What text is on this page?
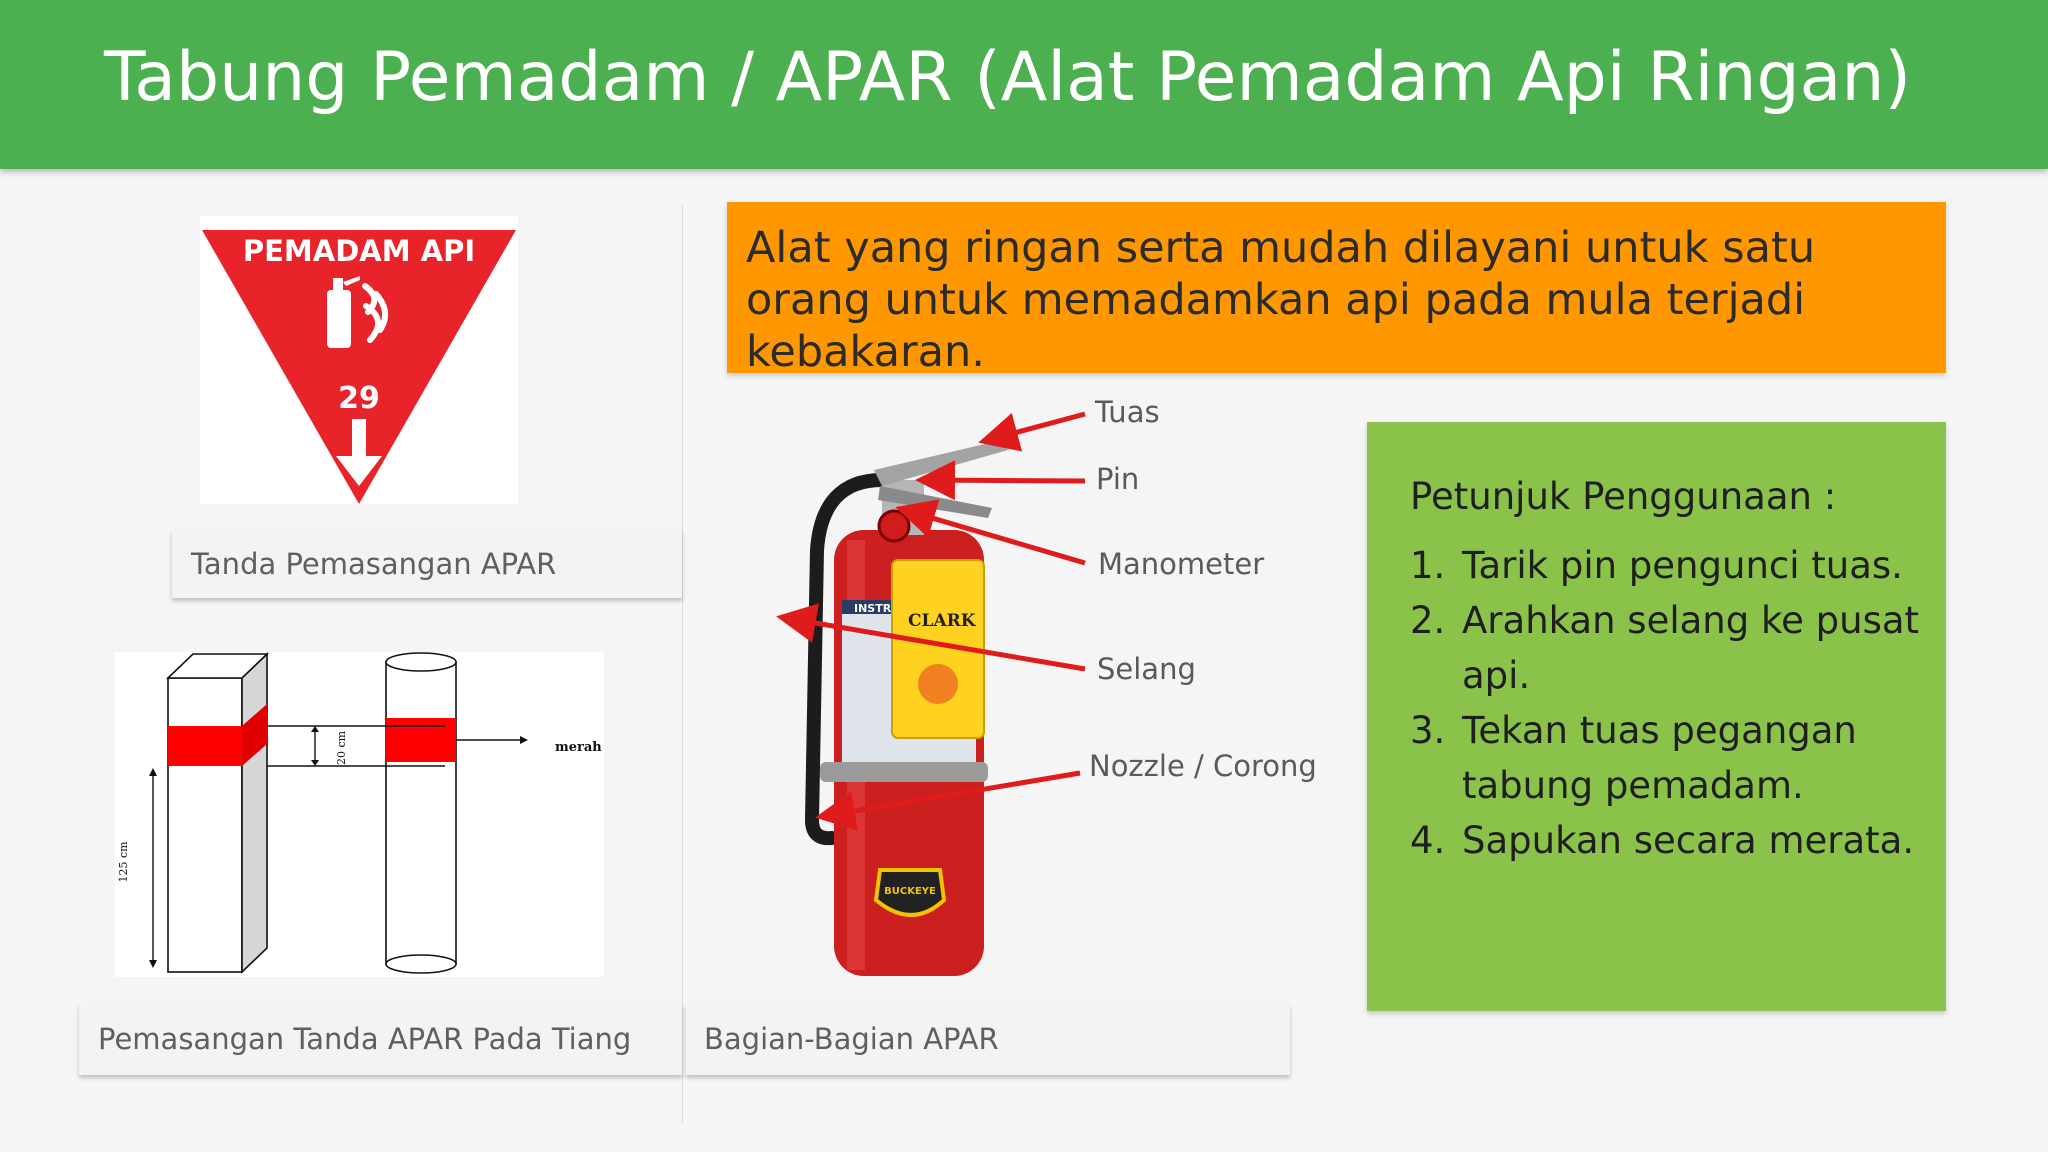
Tabung Pemadam / APAR (Alat Pemadam Api Ringan)
PEMADAM API
29
Tanda Pemasangan APAR
20 cm
125 cm
merah
Pemasangan Tanda APAR Pada Tiang
Alat yang ringan serta mudah dilayani untuk satu orang untuk memadamkan api pada mula terjadi kebakaran.
INSTR
CLARK
BUCKEYE
Tuas
Pin
Manometer
Selang
Nozzle / Corong
Bagian-Bagian APAR
Petunjuk Penggunaan :
1. Tarik pin pengunci tuas.
2. Arahkan selang ke pusat api.
3. Tekan tuas pegangan tabung pemadam.
4. Sapukan secara merata.
